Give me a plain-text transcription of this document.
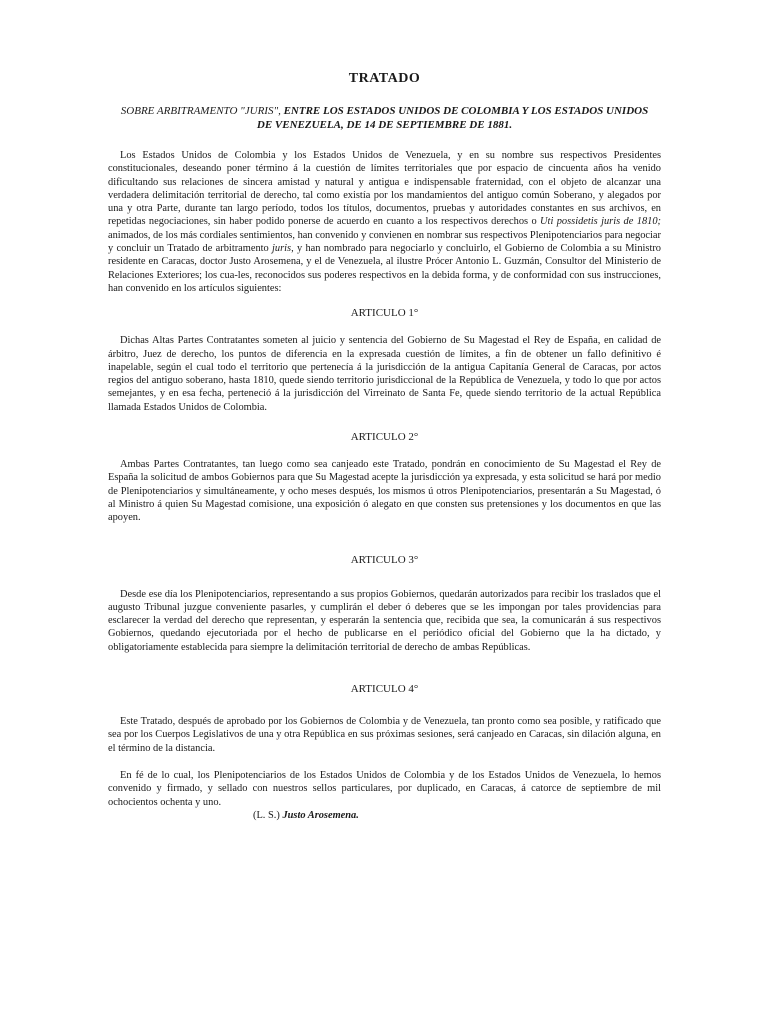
TRATADO
SOBRE ARBITRAMENTO "JURIS", ENTRE LOS ESTADOS UNIDOS DE COLOMBIA Y LOS ESTADOS UNIDOS DE VENEZUELA, DE 14 DE SEPTIEMBRE DE 1881.

Los Estados Unidos de Colombia y los Estados Unidos de Venezuela, y en su nombre sus respectivos Presidentes constitucionales, deseando poner término á la cuestión de límites territoriales que por espacio de cincuenta años ha venido dificultando sus relaciones de sincera amistad y natural y antigua e indispensable fraternidad, con el objeto de alcanzar una verdadera delimitación territorial de derecho, tal como existía por los mandamientos del antiguo común Soberano, y alegados por una y otra Parte, durante tan largo período, todos los títulos, documentos, pruebas y autoridades constantes en sus archivos, en repetidas negociaciones, sin haber podido ponerse de acuerdo en cuanto a los respectivos derechos o Uti possidetis juris de 1810; animados, de los más cordiales sentimientos, han convenido y convienen en nombrar sus respectivos Plenipotenciarios para negociar y concluir un Tratado de arbitramento juris, y han nombrado para negociarlo y concluirlo, el Gobierno de Colombia a su Ministro residente en Caracas, doctor Justo Arosemena, y el de Venezuela, al ilustre Prócer Antonio L. Guzmán, Consultor del Ministerio de Relaciones Exteriores; los cua-les, reconocidos sus poderes respectivos en la debida forma, y de conformidad con sus instrucciones, han convenido en los artículos siguientes:

ARTICULO 1°

Dichas Altas Partes Contratantes someten al juicio y sentencia del Gobierno de Su Magestad el Rey de España, en calidad de árbitro, Juez de derecho, los puntos de diferencia en la expresada cuestión de límites, a fin de obtener un fallo definitivo é inapelable, según el cual todo el territorio que pertenecía á la jurisdicción de la antigua Capitanía General de Caracas, por actos regios del antiguo soberano, hasta 1810, quede siendo territorio jurisdiccional de la República de Venezuela, y todo lo que por actos semejantes, y en esa fecha, perteneció á la jurisdicción del Virreinato de Santa Fe, quede siendo territorio de la actual República llamada Estados Unidos de Colombia.

ARTICULO 2°

Ambas Partes Contratantes, tan luego como sea canjeado este Tratado, pondrán en conocimiento de Su Magestad el Rey de España la solicitud de ambos Gobiernos para que Su Magestad acepte la jurisdicción ya expresada, y esta solicitud se hará por medio de Plenipotenciarios y simultáneamente, y ocho meses después, los mismos ú otros Plenipotenciarios, presentarán a Su Magestad, ó al Ministro á quien Su Magestad comisione, una exposición ó alegato en que consten sus pretensiones y los documentos en que las apoyen.

ARTICULO 3°

Desde ese día los Plenipotenciarios, representando a sus propios Gobiernos, quedarán autorizados para recibir los traslados que el augusto Tribunal juzgue conveniente pasarles, y cumplirán el deber ó deberes que se les impongan por tales providencias para esclarecer la verdad del derecho que representan, y esperarán la sentencia que, recibida que sea, la comunicarán á sus respectivos Gobiernos, quedando ejecutoriada por el hecho de publicarse en el periódico oficial del Gobierno que la ha dictado, y obligatoriamente establecida para siempre la delimitación territorial de derecho de ambas Repúblicas.

ARTICULO 4°

Este Tratado, después de aprobado por los Gobiernos de Colombia y de Venezuela, tan pronto como sea posible, y ratificado que sea por los Cuerpos Legislativos de una y otra República en sus próximas sesiones, será canjeado en Caracas, sin dilación alguna, en el término de la distancia.

En fé de lo cual, los Plenipotenciarios de los Estados Unidos de Colombia y de los Estados Unidos de Venezuela, lo hemos convenido y firmado, y sellado con nuestros sellos particulares, por duplicado, en Caracas, á catorce de septiembre de mil ochocientos ochenta y uno.

(L. S.) Justo Arosemena.
